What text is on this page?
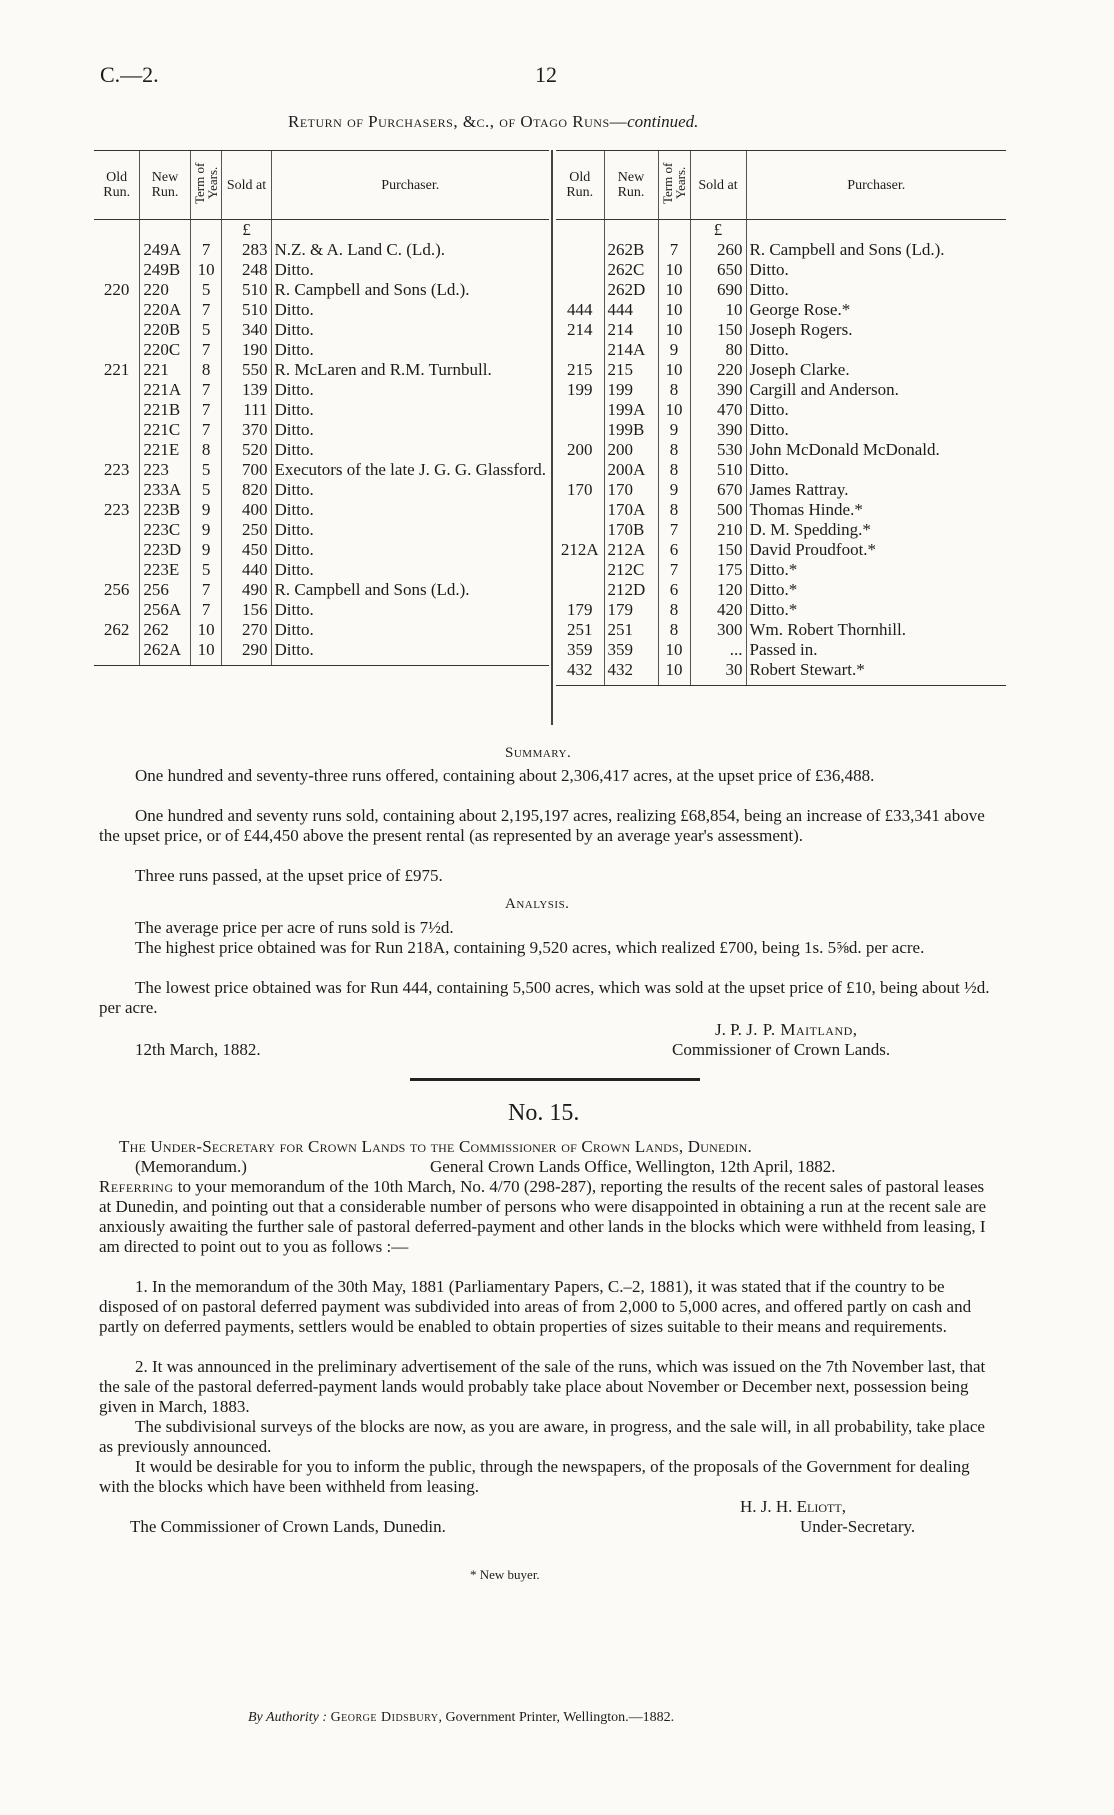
C.—2.	12
Return of Purchasers, &c., of Otago Runs—continued.
Old Run.	New Run.	Term of Years.	Sold at	Purchaser.
			£	
	249A	7	283	N.Z. & A. Land C. (Ld.).
	249B	10	248	Ditto.
220	220	5	510	R. Campbell and Sons (Ld.).
	220A	7	510	Ditto.
	220B	5	340	Ditto.
	220C	7	190	Ditto.
221	221	8	550	R. McLaren and R.M. Turnbull.
	221A	7	139	Ditto.
	221B	7	111	Ditto.
	221C	7	370	Ditto.
	221E	8	520	Ditto.
223	223	5	700	Executors of the late J. G. G. Glassford.
	233A	5	820	Ditto.
223	223B	9	400	Ditto.
	223C	9	250	Ditto.
	223D	9	450	Ditto.
	223E	5	440	Ditto.
256	256	7	490	R. Campbell and Sons (Ld.).
	256A	7	156	Ditto.
262	262	10	270	Ditto.
	262A	10	290	Ditto.
Old Run.	New Run.	Term of Years.	Sold at	Purchaser.
			£	
	262B	7	260	R. Campbell and Sons (Ld.).
	262C	10	650	Ditto.
	262D	10	690	Ditto.
444	444	10	10	George Rose.*
214	214	10	150	Joseph Rogers.
	214A	9	80	Ditto.
215	215	10	220	Joseph Clarke.
199	199	8	390	Cargill and Anderson.
	199A	10	470	Ditto.
	199B	9	390	Ditto.
200	200	8	530	John McDonald McDonald.
	200A	8	510	Ditto.
170	170	9	670	James Rattray.
	170A	8	500	Thomas Hinde.*
	170B	7	210	D. M. Spedding.*
212A	212A	6	150	David Proudfoot.*
	212C	7	175	Ditto.*
	212D	6	120	Ditto.*
179	179	8	420	Ditto.*
251	251	8	300	Wm. Robert Thornhill.
359	359	10	...	Passed in.
432	432	10	30	Robert Stewart.*
Summary.
One hundred and seventy-three runs offered, containing about 2,306,417 acres, at the upset price of £36,488.
One hundred and seventy runs sold, containing about 2,195,197 acres, realizing £68,854, being an increase of £33,341 above the upset price, or of £44,450 above the present rental (as represented by an average year's assessment).
Three runs passed, at the upset price of £975.
Analysis.
The average price per acre of runs sold is 7½d.
The highest price obtained was for Run 218A, containing 9,520 acres, which realized £700, being 1s. 5⅝d. per acre.
The lowest price obtained was for Run 444, containing 5,500 acres, which was sold at the upset price of £10, being about ½d. per acre.
J. P. J. P. Maitland,
12th March, 1882.	Commissioner of Crown Lands.
No. 15.
The Under-Secretary for Crown Lands to the Commissioner of Crown Lands, Dunedin.
(Memorandum.)	General Crown Lands Office, Wellington, 12th April, 1882.
Referring to your memorandum of the 10th March, No. 4/70 (298-287), reporting the results of the recent sales of pastoral leases at Dunedin, and pointing out that a considerable number of persons who were disappointed in obtaining a run at the recent sale are anxiously awaiting the further sale of pastoral deferred-payment and other lands in the blocks which were withheld from leasing, I am directed to point out to you as follows :—
1. In the memorandum of the 30th May, 1881 (Parliamentary Papers, C.–2, 1881), it was stated that if the country to be disposed of on pastoral deferred payment was subdivided into areas of from 2,000 to 5,000 acres, and offered partly on cash and partly on deferred payments, settlers would be enabled to obtain properties of sizes suitable to their means and requirements.
2. It was announced in the preliminary advertisement of the sale of the runs, which was issued on the 7th November last, that the sale of the pastoral deferred-payment lands would probably take place about November or December next, possession being given in March, 1883.
The subdivisional surveys of the blocks are now, as you are aware, in progress, and the sale will, in all probability, take place as previously announced.
It would be desirable for you to inform the public, through the newspapers, of the proposals of the Government for dealing with the blocks which have been withheld from leasing.
H. J. H. Eliott,
The Commissioner of Crown Lands, Dunedin.	Under-Secretary.
* New buyer.
By Authority : George Didsbury, Government Printer, Wellington.—1882.
